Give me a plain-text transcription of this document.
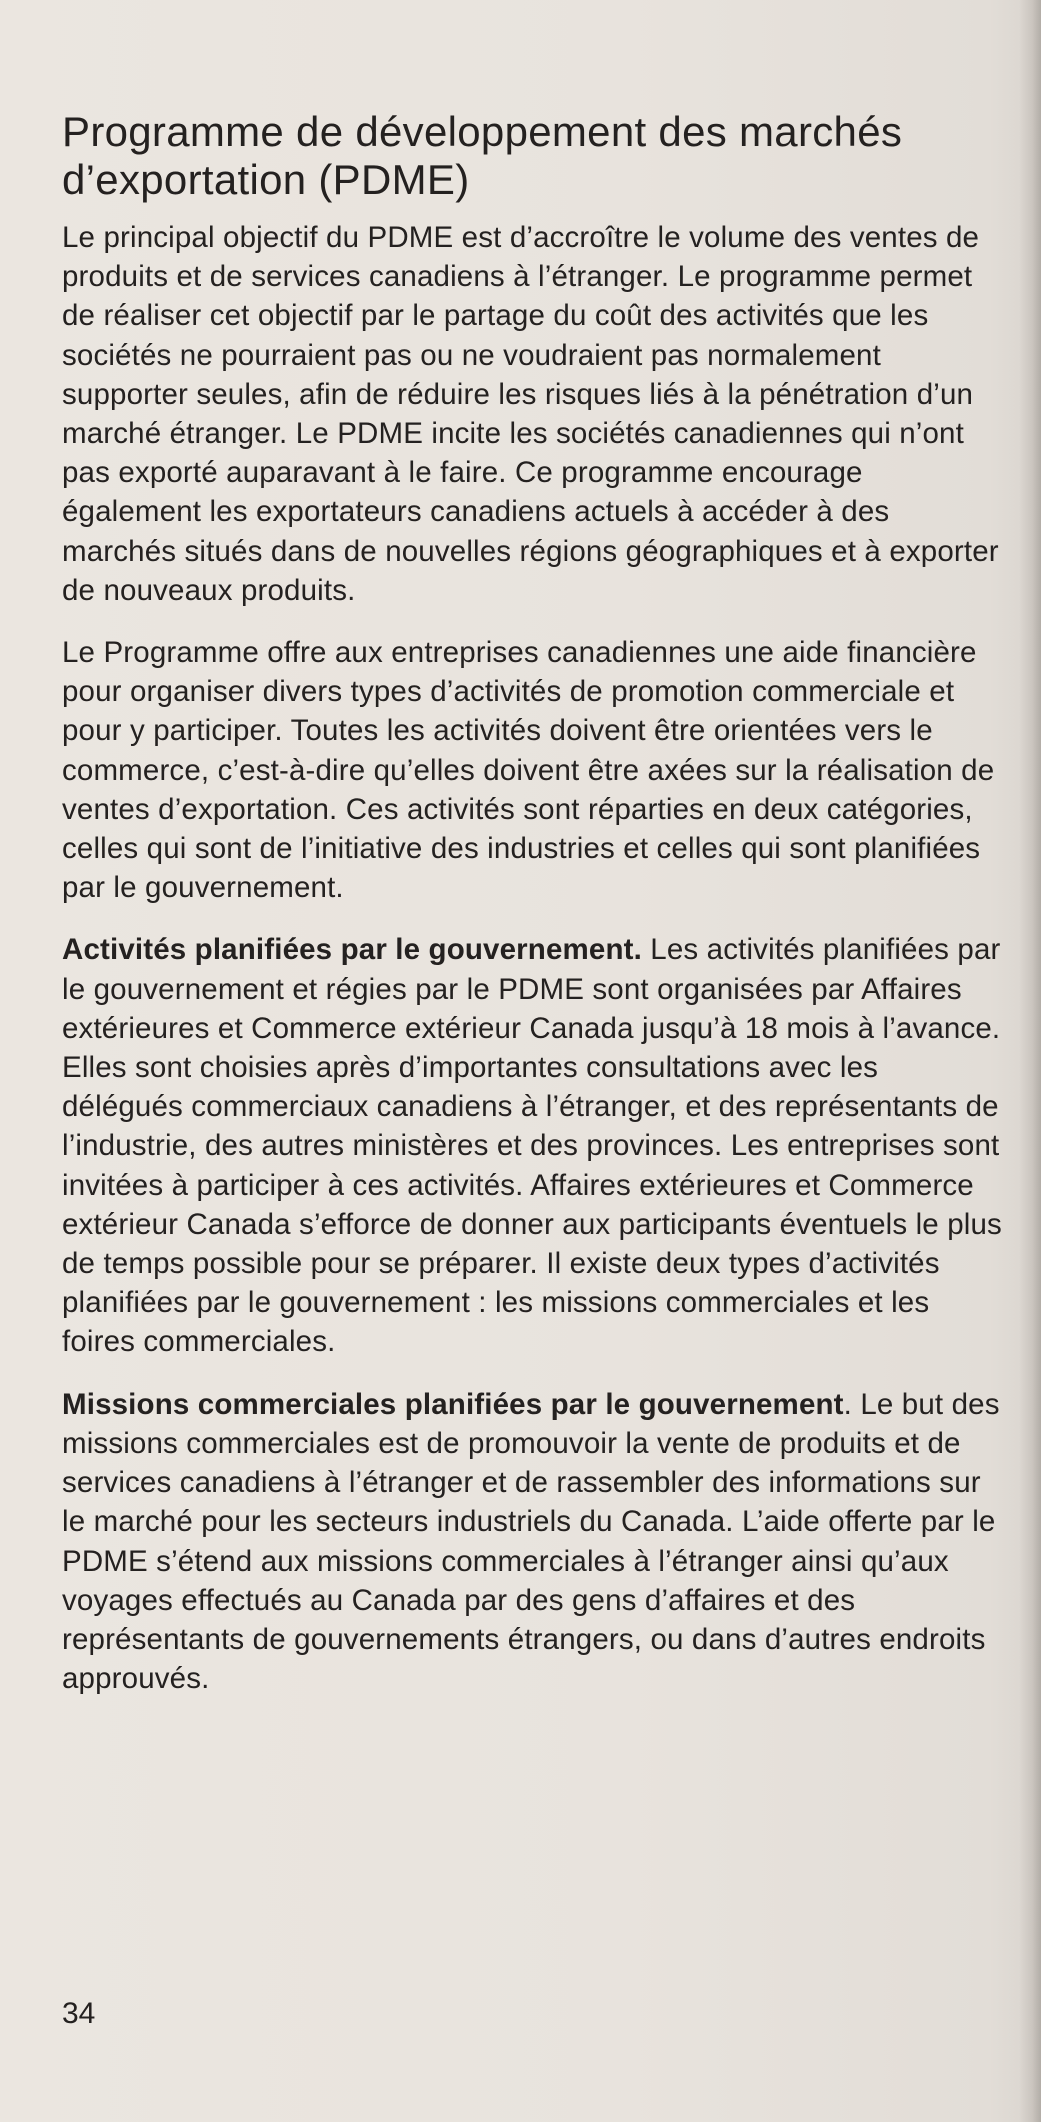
Programme de développement des marchés d’exportation (PDME)

Le principal objectif du PDME est d’accroître le volume des ventes de produits et de services canadiens à l’étranger. Le programme permet de réaliser cet objectif par le partage du coût des activités que les sociétés ne pourraient pas ou ne voudraient pas normalement supporter seules, afin de réduire les risques liés à la pénétration d’un marché étranger. Le PDME incite les sociétés canadiennes qui n’ont pas exporté auparavant à le faire. Ce programme encourage également les exportateurs canadiens actuels à accéder à des marchés situés dans de nouvelles régions géographiques et à exporter de nouveaux produits.

Le Programme offre aux entreprises canadiennes une aide financière pour organiser divers types d’activités de promotion commerciale et pour y participer. Toutes les activités doivent être orientées vers le commerce, c’est-à-dire qu’elles doivent être axées sur la réalisation de ventes d’exportation. Ces activités sont réparties en deux catégories, celles qui sont de l’initiative des industries et celles qui sont planifiées par le gouvernement.

Activités planifiées par le gouvernement. Les activités planifiées par le gouvernement et régies par le PDME sont organisées par Affaires extérieures et Commerce extérieur Canada jusqu’à 18 mois à l’avance. Elles sont choisies après d’importantes consultations avec les délégués commerciaux canadiens à l’étranger, et des représentants de l’industrie, des autres ministères et des provinces. Les entreprises sont invitées à participer à ces activités. Affaires extérieures et Commerce extérieur Canada s’efforce de donner aux participants éventuels le plus de temps possible pour se préparer. Il existe deux types d’activités planifiées par le gouvernement : les missions commerciales et les foires commerciales.

Missions commerciales planifiées par le gouvernement. Le but des missions commerciales est de promouvoir la vente de produits et de services canadiens à l’étranger et de rassembler des informations sur le marché pour les secteurs industriels du Canada. L’aide offerte par le PDME s’étend aux missions commerciales à l’étranger ainsi qu’aux voyages effectués au Canada par des gens d’affaires et des représentants de gouvernements étrangers, ou dans d’autres endroits approuvés.

34
